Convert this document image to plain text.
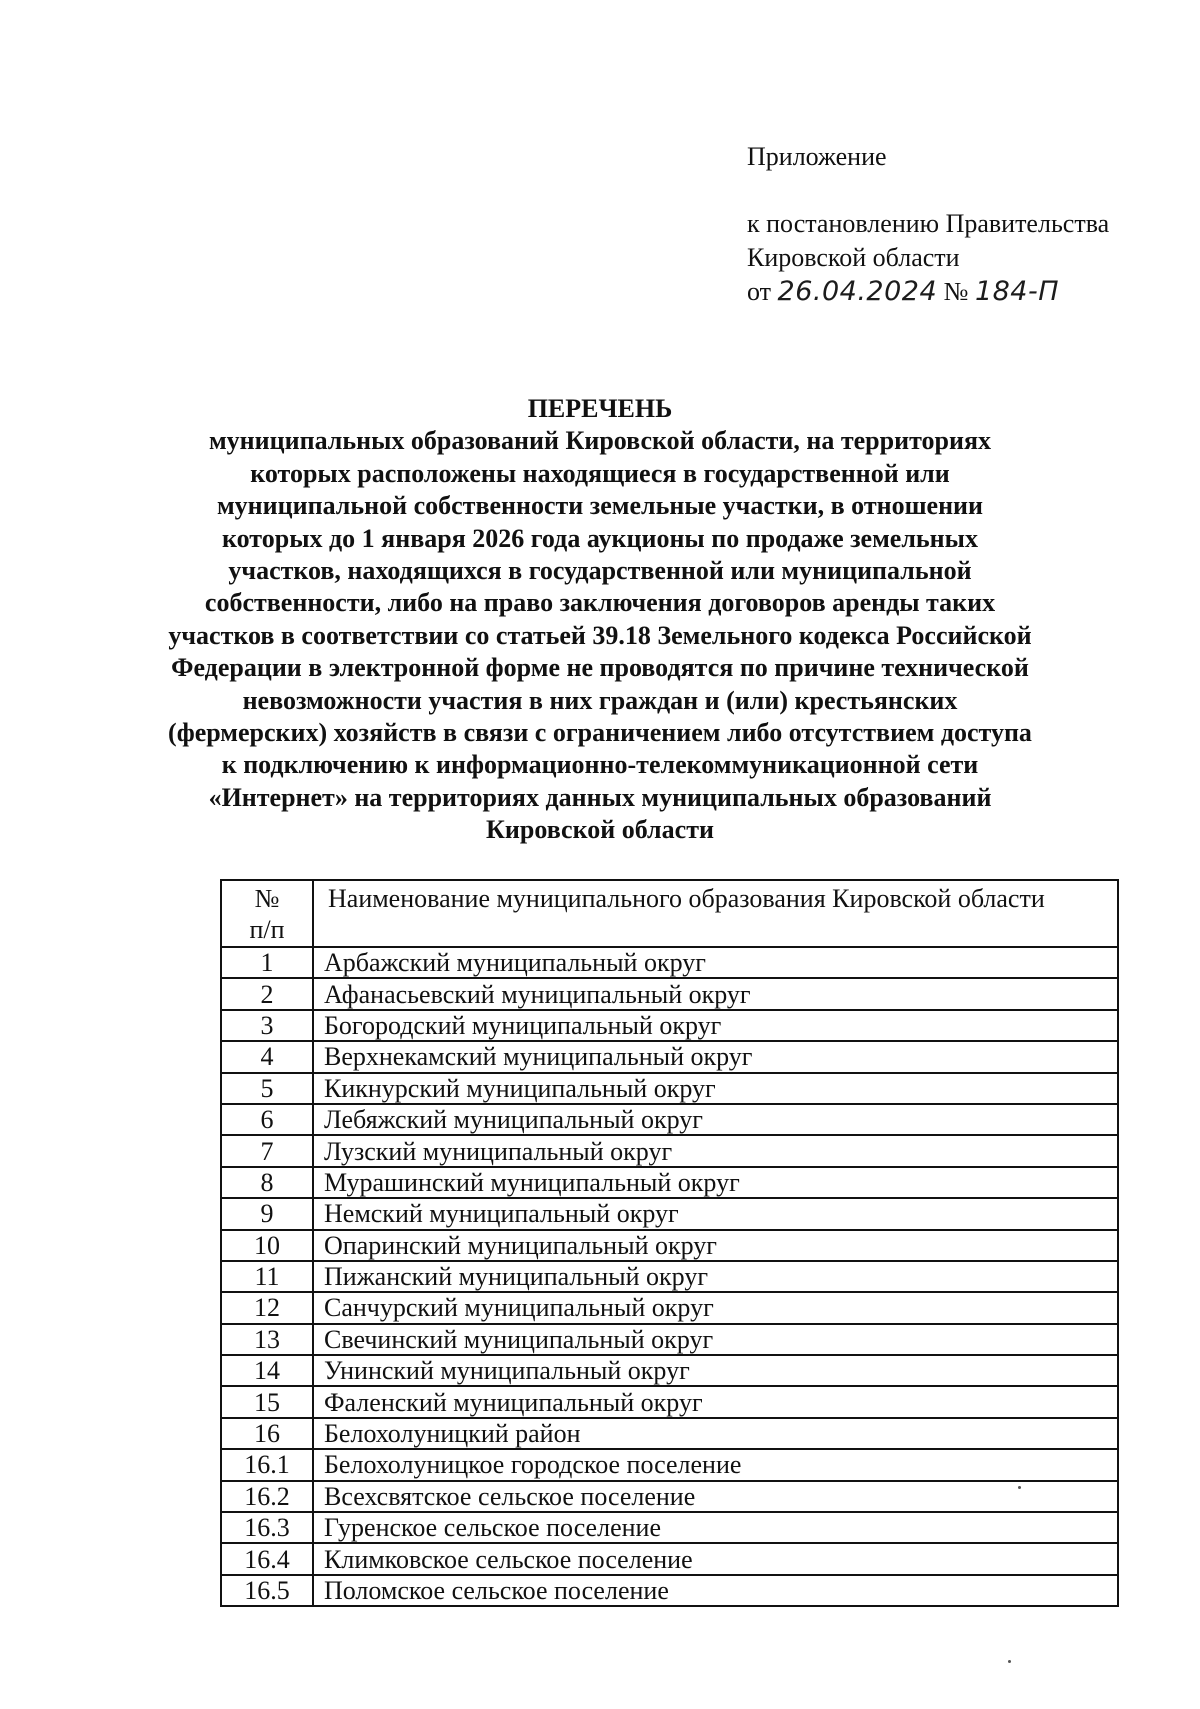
Приложение
к постановлению Правительства
Кировской области
от 26.04.2024 № 184-П
ПЕРЕЧЕНЬ
муниципальных образований Кировской области, на территориях
которых расположены находящиеся в государственной или
муниципальной собственности земельные участки, в отношении
которых до 1 января 2026 года аукционы по продаже земельных
участков, находящихся в государственной или муниципальной
собственности, либо на право заключения договоров аренды таких
участков в соответствии со статьей 39.18 Земельного кодекса Российской
Федерации в электронной форме не проводятся по причине технической
невозможности участия в них граждан и (или) крестьянских
(фермерских) хозяйств в связи с ограничением либо отсутствием доступа
к подключению к информационно-телекоммуникационной сети
«Интернет» на территориях данных муниципальных образований
Кировской области
№
п/п	Наименование муниципального образования Кировской области
1	Арбажский муниципальный округ
2	Афанасьевский муниципальный округ
3	Богородский муниципальный округ
4	Верхнекамский муниципальный округ
5	Кикнурский муниципальный округ
6	Лебяжский муниципальный округ
7	Лузский муниципальный округ
8	Мурашинский муниципальный округ
9	Немский муниципальный округ
10	Опаринский муниципальный округ
11	Пижанский муниципальный округ
12	Санчурский муниципальный округ
13	Свечинский муниципальный округ
14	Унинский муниципальный округ
15	Фаленский муниципальный округ
16	Белохолуницкий район
16.1	Белохолуницкое городское поселение
16.2	Всехсвятское сельское поселение
16.3	Гуренское сельское поселение
16.4	Климковское сельское поселение
16.5	Поломское сельское поселение
